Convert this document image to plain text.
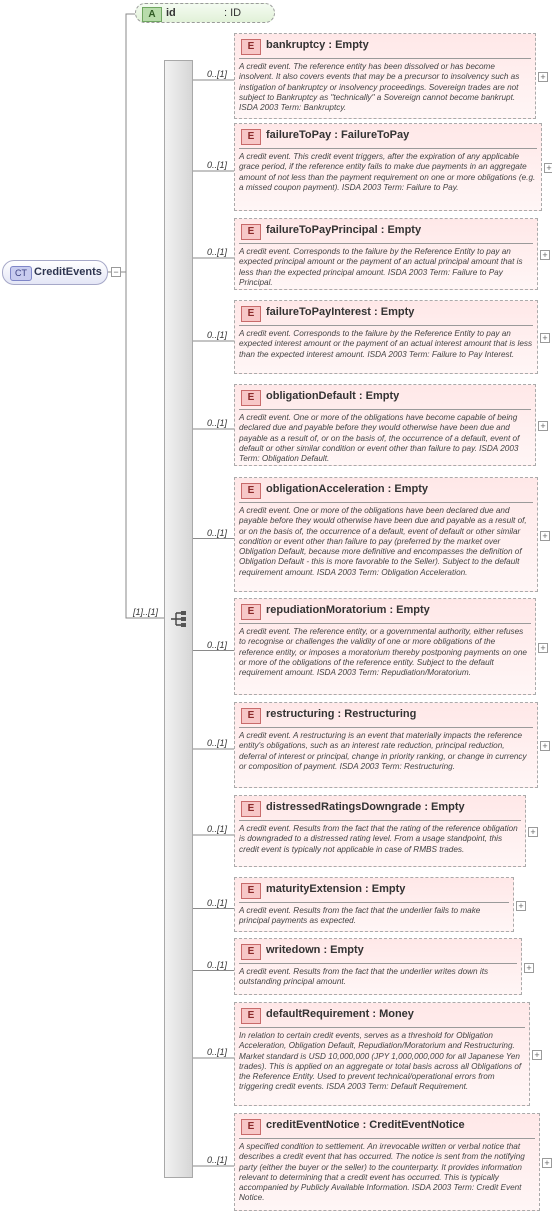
A id	: ID
CT CreditEvents −
[1]..[1]
E	bankruptcy : Empty
A credit event. The reference entity has been dissolved or has become insolvent. It also covers events that may be a precursor to insolvency such as instigation of bankruptcy or insolvency proceedings. Sovereign trades are not subject to Bankruptcy as "technically" a Sovereign cannot become bankrupt. ISDA 2003 Term: Bankruptcy.
+
E	failureToPay : FailureToPay
A credit event. This credit event triggers, after the expiration of any applicable grace period, if the reference entity fails to make due payments in an aggregate amount of not less than the payment requirement on one or more obligations (e.g. a missed coupon payment). ISDA 2003 Term: Failure to Pay.
+
E	failureToPayPrincipal : Empty
A credit event. Corresponds to the failure by the Reference Entity to pay an expected principal amount or the payment of an actual principal amount that is less than the expected principal amount. ISDA 2003 Term: Failure to Pay Principal.
+
E	failureToPayInterest : Empty
A credit event. Corresponds to the failure by the Reference Entity to pay an expected interest amount or the payment of an actual interest amount that is less than the expected interest amount. ISDA 2003 Term: Failure to Pay Interest.
+
E	obligationDefault : Empty
A credit event. One or more of the obligations have become capable of being declared due and payable before they would otherwise have been due and payable as a result of, or on the basis of, the occurrence of a default, event of default or other similar condition or event other than failure to pay. ISDA 2003 Term: Obligation Default.
+
E	obligationAcceleration : Empty
A credit event. One or more of the obligations have been declared due and payable before they would otherwise have been due and payable as a result of, or on the basis of, the occurrence of a default, event of default or other similar condition or event other than failure to pay (preferred by the market over Obligation Default, because more definitive and encompasses the definition of Obligation Default - this is more favorable to the Seller). Subject to the default requirement amount. ISDA 2003 Term: Obligation Acceleration.
+
E	repudiationMoratorium : Empty
A credit event. The reference entity, or a governmental authority, either refuses to recognise or challenges the validity of one or more obligations of the reference entity, or imposes a moratorium thereby postponing payments on one or more of the obligations of the reference entity. Subject to the default requirement amount. ISDA 2003 Term: Repudiation/Moratorium.
+
E	restructuring : Restructuring
A credit event. A restructuring is an event that materially impacts the reference entity's obligations, such as an interest rate reduction, principal reduction, deferral of interest or principal, change in priority ranking, or change in currency or composition of payment. ISDA 2003 Term: Restructuring.
+
E	distressedRatingsDowngrade : Empty
A credit event. Results from the fact that the rating of the reference obligation is downgraded to a distressed rating level. From a usage standpoint, this credit event is typically not applicable in case of RMBS trades.
+
E	maturityExtension : Empty
A credit event. Results from the fact that the underlier fails to make principal payments as expected.
+
E	writedown : Empty
A credit event. Results from the fact that the underlier writes down its outstanding principal amount.
+
E	defaultRequirement : Money
In relation to certain credit events, serves as a threshold for Obligation Acceleration, Obligation Default, Repudiation/Moratorium and Restructuring. Market standard is USD 10,000,000 (JPY 1,000,000,000 for all Japanese Yen trades). This is applied on an aggregate or total basis across all Obligations of the Reference Entity. Used to prevent technical/operational errors from triggering credit events. ISDA 2003 Term: Default Requirement.
+
E	creditEventNotice : CreditEventNotice
A specified condition to settlement. An irrevocable written or verbal notice that describes a credit event that has occurred. The notice is sent from the notifying party (either the buyer or the seller) to the counterparty. It provides information relevant to determining that a credit event has occurred. This is typically accompanied by Publicly Available Information. ISDA 2003 Term: Credit Event Notice.
+
0..[1]
0..[1]
0..[1]
0..[1]
0..[1]
0..[1]
0..[1]
0..[1]
0..[1]
0..[1]
0..[1]
0..[1]
0..[1]
